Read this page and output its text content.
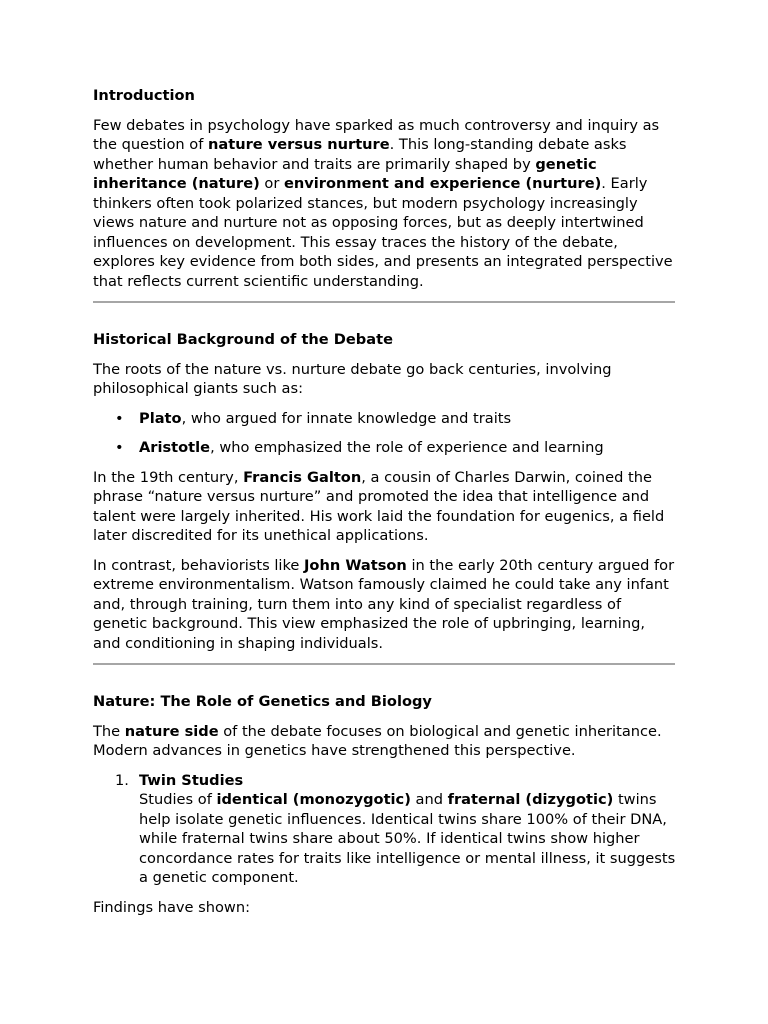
Introduction

Few debates in psychology have sparked as much controversy and inquiry as the question of nature versus nurture. This long-standing debate asks whether human behavior and traits are primarily shaped by genetic inheritance (nature) or environment and experience (nurture). Early thinkers often took polarized stances, but modern psychology increasingly views nature and nurture not as opposing forces, but as deeply intertwined influences on development. This essay traces the history of the debate, explores key evidence from both sides, and presents an integrated perspective that reflects current scientific understanding.

Historical Background of the Debate

The roots of the nature vs. nurture debate go back centuries, involving philosophical giants such as:

• Plato, who argued for innate knowledge and traits
• Aristotle, who emphasized the role of experience and learning

In the 19th century, Francis Galton, a cousin of Charles Darwin, coined the phrase “nature versus nurture” and promoted the idea that intelligence and talent were largely inherited. His work laid the foundation for eugenics, a field later discredited for its unethical applications.

In contrast, behaviorists like John Watson in the early 20th century argued for extreme environmentalism. Watson famously claimed he could take any infant and, through training, turn them into any kind of specialist regardless of genetic background. This view emphasized the role of upbringing, learning, and conditioning in shaping individuals.

Nature: The Role of Genetics and Biology

The nature side of the debate focuses on biological and genetic inheritance. Modern advances in genetics have strengthened this perspective.

1. Twin Studies
Studies of identical (monozygotic) and fraternal (dizygotic) twins help isolate genetic influences. Identical twins share 100% of their DNA, while fraternal twins share about 50%. If identical twins show higher concordance rates for traits like intelligence or mental illness, it suggests a genetic component.

Findings have shown:
